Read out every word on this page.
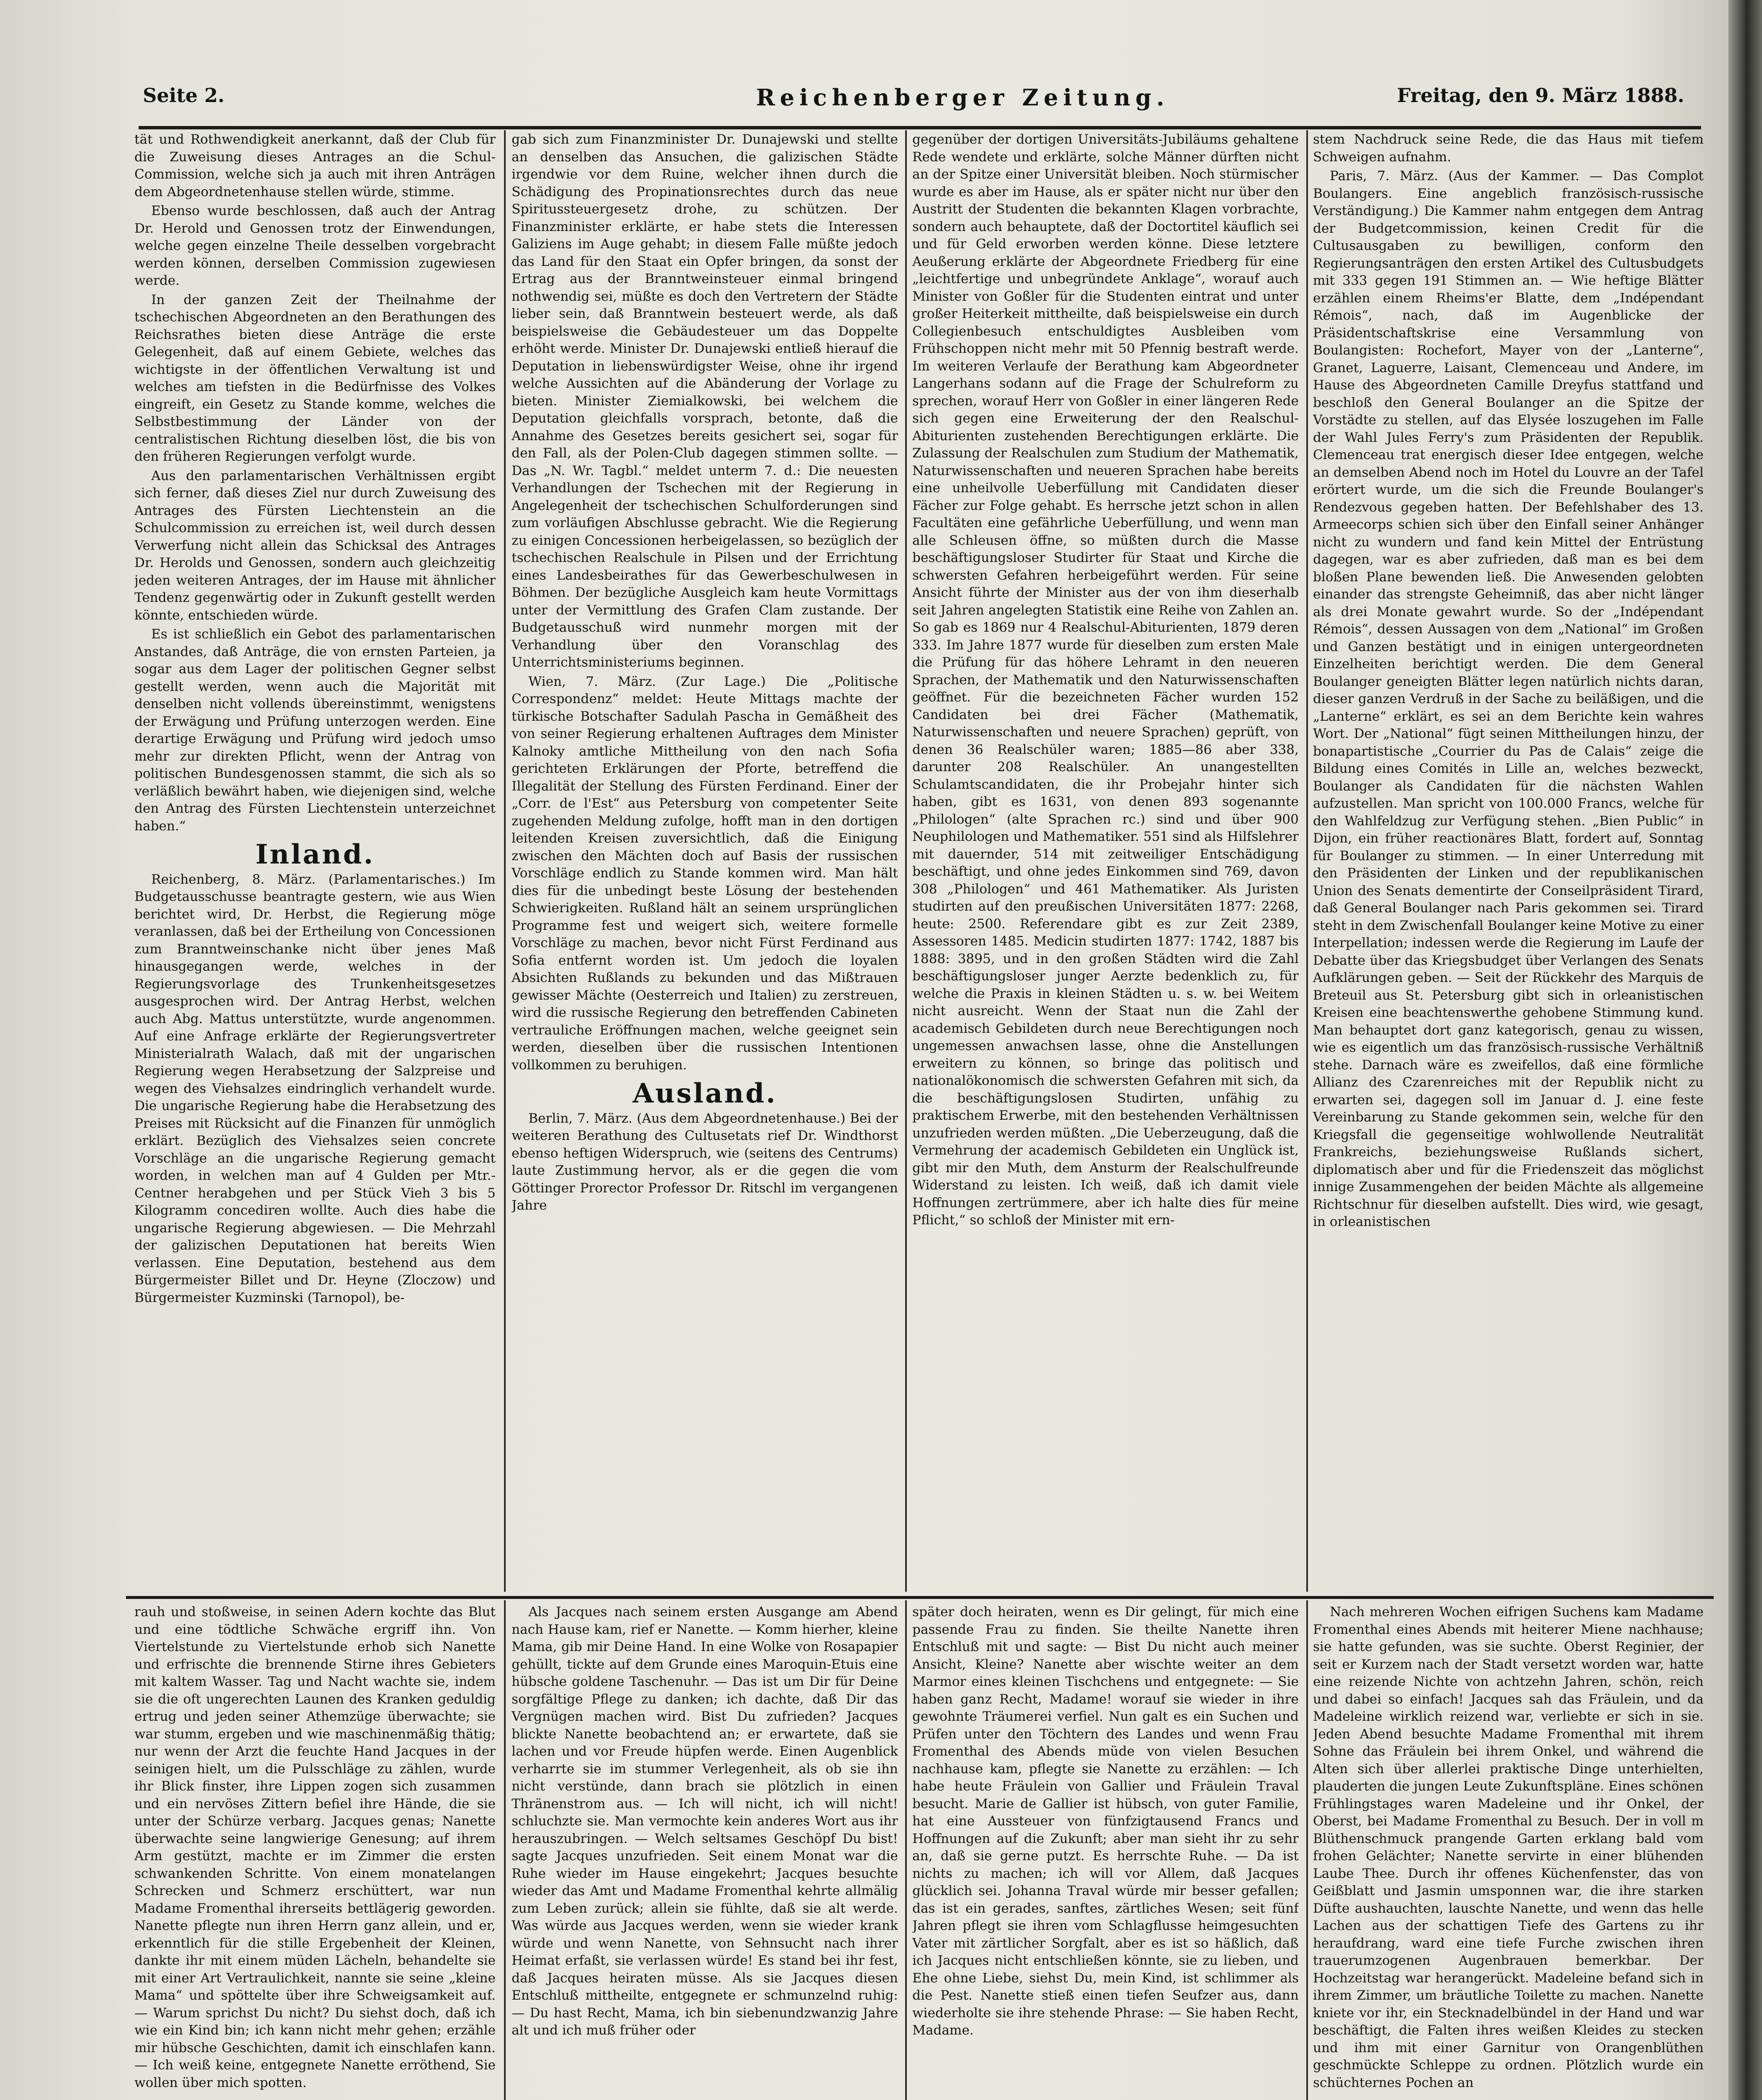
Seite 2.	Reichenberger Zeitung.	Freitag, den 9. März 1888.

tät und Rothwendigkeit anerkannt, daß der Club für die Zuweisung dieses Antrages an die Schul-Commission, welche sich ja auch mit ihren Anträgen dem Abgeordnetenhause stellen würde, stimme.

Ebenso wurde beschlossen, daß auch der Antrag Dr. Herold und Genossen trotz der Einwendungen, welche gegen einzelne Theile desselben vorgebracht werden können, derselben Commission zugewiesen werde.

In der ganzen Zeit der Theilnahme der tschechischen Abgeordneten an den Berathungen des Reichsrathes bieten diese Anträge die erste Gelegenheit, daß auf einem Gebiete, welches das wichtigste in der öffentlichen Verwaltung ist und welches am tiefsten in die Bedürfnisse des Volkes eingreift, ein Gesetz zu Stande komme, welches die Selbstbestimmung der Länder von der centralistischen Richtung dieselben löst, die bis von den früheren Regierungen verfolgt wurde.

Aus den parlamentarischen Verhältnissen ergibt sich ferner, daß dieses Ziel nur durch Zuweisung des Antrages des Fürsten Liechtenstein an die Schulcommission zu erreichen ist, weil durch dessen Verwerfung nicht allein das Schicksal des Antrages Dr. Herolds und Genossen, sondern auch gleichzeitig jeden weiteren Antrages, der im Hause mit ähnlicher Tendenz gegenwärtig oder in Zukunft gestellt werden könnte, entschieden würde.

Es ist schließlich ein Gebot des parlamentarischen Anstandes, daß Anträge, die von ernsten Parteien, ja sogar aus dem Lager der politischen Gegner selbst gestellt werden, wenn auch die Majorität mit denselben nicht vollends übereinstimmt, wenigstens der Erwägung und Prüfung unterzogen werden. Eine derartige Erwägung und Prüfung wird jedoch umso mehr zur direkten Pflicht, wenn der Antrag von politischen Bundesgenossen stammt, die sich als so verläßlich bewährt haben, wie diejenigen sind, welche den Antrag des Fürsten Liechtenstein unterzeichnet haben.“

Inland.

Reichenberg, 8. März. (Parlamentarisches.) Im Budgetausschusse beantragte gestern, wie aus Wien berichtet wird, Dr. Herbst, die Regierung möge veranlassen, daß bei der Ertheilung von Concessionen zum Branntweinschanke nicht über jenes Maß hinausgegangen werde, welches in der Regierungsvorlage des Trunkenheitsgesetzes ausgesprochen wird. Der Antrag Herbst, welchen auch Abg. Mattus unterstützte, wurde angenommen. Auf eine Anfrage erklärte der Regierungsvertreter Ministerialrath Walach, daß mit der ungarischen Regierung wegen Herabsetzung der Salzpreise und wegen des Viehsalzes eindringlich verhandelt wurde. Die ungarische Regierung habe die Herabsetzung des Preises mit Rücksicht auf die Finanzen für unmöglich erklärt. Bezüglich des Viehsalzes seien concrete Vorschläge an die ungarische Regierung gemacht worden, in welchen man auf 4 Gulden per Mtr.-Centner herabgehen und per Stück Vieh 3 bis 5 Kilogramm concediren wollte. Auch dies habe die ungarische Regierung abgewiesen. — Die Mehrzahl der galizischen Deputationen hat bereits Wien verlassen. Eine Deputation, bestehend aus dem Bürgermeister Billet und Dr. Heyne (Zloczow) und Bürgermeister Kuzminski (Tarnopol), be-

gab sich zum Finanzminister Dr. Dunajewski und stellte an denselben das Ansuchen, die galizischen Städte irgendwie vor dem Ruine, welcher ihnen durch die Schädigung des Propinationsrechtes durch das neue Spiritussteuergesetz drohe, zu schützen. Der Finanzminister erklärte, er habe stets die Interessen Galiziens im Auge gehabt; in diesem Falle müßte jedoch das Land für den Staat ein Opfer bringen, da sonst der Ertrag aus der Branntweinsteuer einmal bringend nothwendig sei, müßte es doch den Vertretern der Städte lieber sein, daß Branntwein besteuert werde, als daß beispielsweise die Gebäudesteuer um das Doppelte erhöht werde. Minister Dr. Dunajewski entließ hierauf die Deputation in liebenswürdigster Weise, ohne ihr irgend welche Aussichten auf die Abänderung der Vorlage zu bieten. Minister Ziemialkowski, bei welchem die Deputation gleichfalls vorsprach, betonte, daß die Annahme des Gesetzes bereits gesichert sei, sogar für den Fall, als der Polen-Club dagegen stimmen sollte. — Das „N. Wr. Tagbl.“ meldet unterm 7. d.: Die neuesten Verhandlungen der Tschechen mit der Regierung in Angelegenheit der tschechischen Schulforderungen sind zum vorläufigen Abschlusse gebracht. Wie die Regierung zu einigen Concessionen herbeigelassen, so bezüglich der tschechischen Realschule in Pilsen und der Errichtung eines Landesbeirathes für das Gewerbeschulwesen in Böhmen. Der bezügliche Ausgleich kam heute Vormittags unter der Vermittlung des Grafen Clam zustande. Der Budgetausschuß wird nunmehr morgen mit der Verhandlung über den Voranschlag des Unterrichtsministeriums beginnen.

Wien, 7. März. (Zur Lage.) Die „Politische Correspondenz“ meldet: Heute Mittags machte der türkische Botschafter Sadulah Pascha in Gemäßheit des von seiner Regierung erhaltenen Auftrages dem Minister Kalnoky amtliche Mittheilung von den nach Sofia gerichteten Erklärungen der Pforte, betreffend die Illegalität der Stellung des Fürsten Ferdinand. Einer der „Corr. de l'Est“ aus Petersburg von competenter Seite zugehenden Meldung zufolge, hofft man in den dortigen leitenden Kreisen zuversichtlich, daß die Einigung zwischen den Mächten doch auf Basis der russischen Vorschläge endlich zu Stande kommen wird. Man hält dies für die unbedingt beste Lösung der bestehenden Schwierigkeiten. Rußland hält an seinem ursprünglichen Programme fest und weigert sich, weitere formelle Vorschläge zu machen, bevor nicht Fürst Ferdinand aus Sofia entfernt worden ist. Um jedoch die loyalen Absichten Rußlands zu bekunden und das Mißtrauen gewisser Mächte (Oesterreich und Italien) zu zerstreuen, wird die russische Regierung den betreffenden Cabineten vertrauliche Eröffnungen machen, welche geeignet sein werden, dieselben über die russischen Intentionen vollkommen zu beruhigen.

Ausland.

Berlin, 7. März. (Aus dem Abgeordnetenhause.) Bei der weiteren Berathung des Cultusetats rief Dr. Windthorst ebenso heftigen Widerspruch, wie (seitens des Centrums) laute Zustimmung hervor, als er die gegen die vom Göttinger Prorector Professor Dr. Ritschl im vergangenen Jahre

gegenüber der dortigen Universitäts-Jubiläums gehaltene Rede wendete und erklärte, solche Männer dürften nicht an der Spitze einer Universität bleiben. Noch stürmischer wurde es aber im Hause, als er später nicht nur über den Austritt der Studenten die bekannten Klagen vorbrachte, sondern auch behauptete, daß der Doctortitel käuflich sei und für Geld erworben werden könne. Diese letztere Aeußerung erklärte der Abgeordnete Friedberg für eine „leichtfertige und unbegründete Anklage“, worauf auch Minister von Goßler für die Studenten eintrat und unter großer Heiterkeit mittheilte, daß beispielsweise ein durch Collegienbesuch entschuldigtes Ausbleiben vom Frühschoppen nicht mehr mit 50 Pfennig bestraft werde. Im weiteren Verlaufe der Berathung kam Abgeordneter Langerhans sodann auf die Frage der Schulreform zu sprechen, worauf Herr von Goßler in einer längeren Rede sich gegen eine Erweiterung der den Realschul-Abiturienten zustehenden Berechtigungen erklärte. Die Zulassung der Realschulen zum Studium der Mathematik, Naturwissenschaften und neueren Sprachen habe bereits eine unheilvolle Ueberfüllung mit Candidaten dieser Fächer zur Folge gehabt. Es herrsche jetzt schon in allen Facultäten eine gefährliche Ueberfüllung, und wenn man alle Schleusen öffne, so müßten durch die Masse beschäftigungsloser Studirter für Staat und Kirche die schwersten Gefahren herbeigeführt werden. Für seine Ansicht führte der Minister aus der von ihm dieserhalb seit Jahren angelegten Statistik eine Reihe von Zahlen an. So gab es 1869 nur 4 Realschul-Abiturienten, 1879 deren 333. Im Jahre 1877 wurde für dieselben zum ersten Male die Prüfung für das höhere Lehramt in den neueren Sprachen, der Mathematik und den Naturwissenschaften geöffnet. Für die bezeichneten Fächer wurden 152 Candidaten bei drei Fächer (Mathematik, Naturwissenschaften und neuere Sprachen) geprüft, von denen 36 Realschüler waren; 1885—86 aber 338, darunter 208 Realschüler. An unangestellten Schulamtscandidaten, die ihr Probejahr hinter sich haben, gibt es 1631, von denen 893 sogenannte „Philologen“ (alte Sprachen rc.) sind und über 900 Neuphilologen und Mathematiker. 551 sind als Hilfslehrer mit dauernder, 514 mit zeitweiliger Entschädigung beschäftigt, und ohne jedes Einkommen sind 769, davon 308 „Philologen“ und 461 Mathematiker. Als Juristen studirten auf den preußischen Universitäten 1877: 2268, heute: 2500. Referendare gibt es zur Zeit 2389, Assessoren 1485. Medicin studirten 1877: 1742, 1887 bis 1888: 3895, und in den großen Städten wird die Zahl beschäftigungsloser junger Aerzte bedenklich zu, für welche die Praxis in kleinen Städten u. s. w. bei Weitem nicht ausreicht. Wenn der Staat nun die Zahl der academisch Gebildeten durch neue Berechtigungen noch ungemessen anwachsen lasse, ohne die Anstellungen erweitern zu können, so bringe das politisch und nationalökonomisch die schwersten Gefahren mit sich, da die beschäftigungslosen Studirten, unfähig zu praktischem Erwerbe, mit den bestehenden Verhältnissen unzufrieden werden müßten. „Die Ueberzeugung, daß die Vermehrung der academisch Gebildeten ein Unglück ist, gibt mir den Muth, dem Ansturm der Realschulfreunde Widerstand zu leisten. Ich weiß, daß ich damit viele Hoffnungen zertrümmere, aber ich halte dies für meine Pflicht,“ so schloß der Minister mit ern-

stem Nachdruck seine Rede, die das Haus mit tiefem Schweigen aufnahm.

Paris, 7. März. (Aus der Kammer. — Das Complot Boulangers. Eine angeblich französisch-russische Verständigung.) Die Kammer nahm entgegen dem Antrag der Budgetcommission, keinen Credit für die Cultusausgaben zu bewilligen, conform den Regierungsanträgen den ersten Artikel des Cultusbudgets mit 333 gegen 191 Stimmen an. — Wie heftige Blätter erzählen einem Rheims'er Blatte, dem „Indépendant Rémois“, nach, daß im Augenblicke der Präsidentschaftskrise eine Versammlung von Boulangisten: Rochefort, Mayer von der „Lanterne“, Granet, Laguerre, Laisant, Clemenceau und Andere, im Hause des Abgeordneten Camille Dreyfus stattfand und beschloß den General Boulanger an die Spitze der Vorstädte zu stellen, auf das Elysée loszugehen im Falle der Wahl Jules Ferry's zum Präsidenten der Republik. Clemenceau trat energisch dieser Idee entgegen, welche an demselben Abend noch im Hotel du Louvre an der Tafel erörtert wurde, um die sich die Freunde Boulanger's Rendezvous gegeben hatten. Der Befehlshaber des 13. Armeecorps schien sich über den Einfall seiner Anhänger nicht zu wundern und fand kein Mittel der Entrüstung dagegen, war es aber zufrieden, daß man es bei dem bloßen Plane bewenden ließ. Die Anwesenden gelobten einander das strengste Geheimniß, das aber nicht länger als drei Monate gewahrt wurde. So der „Indépendant Rémois“, dessen Aussagen von dem „National“ im Großen und Ganzen bestätigt und in einigen untergeordneten Einzelheiten berichtigt werden. Die dem General Boulanger geneigten Blätter legen natürlich nichts daran, dieser ganzen Verdruß in der Sache zu beiläßigen, und die „Lanterne“ erklärt, es sei an dem Berichte kein wahres Wort. Der „National“ fügt seinen Mittheilungen hinzu, der bonapartistische „Courrier du Pas de Calais“ zeige die Bildung eines Comités in Lille an, welches bezweckt, Boulanger als Candidaten für die nächsten Wahlen aufzustellen. Man spricht von 100.000 Francs, welche für den Wahlfeldzug zur Verfügung stehen. „Bien Public“ in Dijon, ein früher reactionäres Blatt, fordert auf, Sonntag für Boulanger zu stimmen. — In einer Unterredung mit den Präsidenten der Linken und der republikanischen Union des Senats dementirte der Conseilpräsident Tirard, daß General Boulanger nach Paris gekommen sei. Tirard steht in dem Zwischenfall Boulanger keine Motive zu einer Interpellation; indessen werde die Regierung im Laufe der Debatte über das Kriegsbudget über Verlangen des Senats Aufklärungen geben. — Seit der Rückkehr des Marquis de Breteuil aus St. Petersburg gibt sich in orleanistischen Kreisen eine beachtenswerthe gehobene Stimmung kund. Man behauptet dort ganz kategorisch, genau zu wissen, wie es eigentlich um das französisch-russische Verhältniß stehe. Darnach wäre es zweifellos, daß eine förmliche Allianz des Czarenreiches mit der Republik nicht zu erwarten sei, dagegen soll im Januar d. J. eine feste Vereinbarung zu Stande gekommen sein, welche für den Kriegsfall die gegenseitige wohlwollende Neutralität Frankreichs, beziehungsweise Rußlands sichert, diplomatisch aber und für die Friedenszeit das möglichst innige Zusammengehen der beiden Mächte als allgemeine Richtschnur für dieselben aufstellt. Dies wird, wie gesagt, in orleanistischen

rauh und stoßweise, in seinen Adern kochte das Blut und eine tödtliche Schwäche ergriff ihn. Von Viertelstunde zu Viertelstunde erhob sich Nanette und erfrischte die brennende Stirne ihres Gebieters mit kaltem Wasser. Tag und Nacht wachte sie, indem sie die oft ungerechten Launen des Kranken geduldig ertrug und jeden seiner Athemzüge überwachte; sie war stumm, ergeben und wie maschinenmäßig thätig; nur wenn der Arzt die feuchte Hand Jacques in der seinigen hielt, um die Pulsschläge zu zählen, wurde ihr Blick finster, ihre Lippen zogen sich zusammen und ein nervöses Zittern befiel ihre Hände, die sie unter der Schürze verbarg. Jacques genas; Nanette überwachte seine langwierige Genesung; auf ihrem Arm gestützt, machte er im Zimmer die ersten schwankenden Schritte. Von einem monatelangen Schrecken und Schmerz erschüttert, war nun Madame Fromenthal ihrerseits bettlägerig geworden. Nanette pflegte nun ihren Herrn ganz allein, und er, erkenntlich für die stille Ergebenheit der Kleinen, dankte ihr mit einem müden Lächeln, behandelte sie mit einer Art Vertraulichkeit, nannte sie seine „kleine Mama“ und spöttelte über ihre Schweigsamkeit auf. — Warum sprichst Du nicht? Du siehst doch, daß ich wie ein Kind bin; ich kann nicht mehr gehen; erzähle mir hübsche Geschichten, damit ich einschlafen kann. — Ich weiß keine, entgegnete Nanette erröthend, Sie wollen über mich spotten.

Als Jacques nach seinem ersten Ausgange am Abend nach Hause kam, rief er Nanette. — Komm hierher, kleine Mama, gib mir Deine Hand. In eine Wolke von Rosapapier gehüllt, tickte auf dem Grunde eines Maroquin-Etuis eine hübsche goldene Taschenuhr. — Das ist um Dir für Deine sorgfältige Pflege zu danken; ich dachte, daß Dir das Vergnügen machen wird. Bist Du zufrieden? Jacques blickte Nanette beobachtend an; er erwartete, daß sie lachen und vor Freude hüpfen werde. Einen Augenblick verharrte sie im stummer Verlegenheit, als ob sie ihn nicht verstünde, dann brach sie plötzlich in einen Thränenstrom aus. — Ich will nicht, ich will nicht! schluchzte sie. Man vermochte kein anderes Wort aus ihr herauszubringen. — Welch seltsames Geschöpf Du bist! sagte Jacques unzufrieden. Seit einem Monat war die Ruhe wieder im Hause eingekehrt; Jacques besuchte wieder das Amt und Madame Fromenthal kehrte allmälig zum Leben zurück; allein sie fühlte, daß sie alt werde. Was würde aus Jacques werden, wenn sie wieder krank würde und wenn Nanette, von Sehnsucht nach ihrer Heimat erfaßt, sie verlassen würde! Es stand bei ihr fest, daß Jacques heiraten müsse. Als sie Jacques diesen Entschluß mittheilte, entgegnete er schmunzelnd ruhig: — Du hast Recht, Mama, ich bin siebenundzwanzig Jahre alt und ich muß früher oder

später doch heiraten, wenn es Dir gelingt, für mich eine passende Frau zu finden. Sie theilte Nanette ihren Entschluß mit und sagte: — Bist Du nicht auch meiner Ansicht, Kleine? Nanette aber wischte weiter an dem Marmor eines kleinen Tischchens und entgegnete: — Sie haben ganz Recht, Madame! worauf sie wieder in ihre gewohnte Träumerei verfiel. Nun galt es ein Suchen und Prüfen unter den Töchtern des Landes und wenn Frau Fromenthal des Abends müde von vielen Besuchen nachhause kam, pflegte sie Nanette zu erzählen: — Ich habe heute Fräulein von Gallier und Fräulein Traval besucht. Marie de Gallier ist hübsch, von guter Familie, hat eine Aussteuer von fünfzigtausend Francs und Hoffnungen auf die Zukunft; aber man sieht ihr zu sehr an, daß sie gerne putzt. Es herrschte Ruhe. — Da ist nichts zu machen; ich will vor Allem, daß Jacques glücklich sei. Johanna Traval würde mir besser gefallen; das ist ein gerades, sanftes, zärtliches Wesen; seit fünf Jahren pflegt sie ihren vom Schlagflusse heimgesuchten Vater mit zärtlicher Sorgfalt, aber es ist so häßlich, daß ich Jacques nicht entschließen könnte, sie zu lieben, und Ehe ohne Liebe, siehst Du, mein Kind, ist schlimmer als die Pest. Nanette stieß einen tiefen Seufzer aus, dann wiederholte sie ihre stehende Phrase: — Sie haben Recht, Madame.

Nach mehreren Wochen eifrigen Suchens kam Madame Fromenthal eines Abends mit heiterer Miene nachhause; sie hatte gefunden, was sie suchte. Oberst Reginier, der seit er Kurzem nach der Stadt versetzt worden war, hatte eine reizende Nichte von achtzehn Jahren, schön, reich und dabei so einfach! Jacques sah das Fräulein, und da Madeleine wirklich reizend war, verliebte er sich in sie. Jeden Abend besuchte Madame Fromenthal mit ihrem Sohne das Fräulein bei ihrem Onkel, und während die Alten sich über allerlei praktische Dinge unterhielten, plauderten die jungen Leute Zukunftspläne. Eines schönen Frühlingstages waren Madeleine und ihr Onkel, der Oberst, bei Madame Fromenthal zu Besuch. Der in voll m Blüthenschmuck prangende Garten erklang bald vom frohen Gelächter; Nanette servirte in einer blühenden Laube Thee. Durch ihr offenes Küchenfenster, das von Geißblatt und Jasmin umsponnen war, die ihre starken Düfte aushauchten, lauschte Nanette, und wenn das helle Lachen aus der schattigen Tiefe des Gartens zu ihr heraufdrang, ward eine tiefe Furche zwischen ihren trauerumzogenen Augenbrauen bemerkbar. Der Hochzeitstag war herangerückt. Madeleine befand sich in ihrem Zimmer, um bräutliche Toilette zu machen. Nanette kniete vor ihr, ein Stecknadelbündel in der Hand und war beschäftigt, die Falten ihres weißen Kleides zu stecken und ihm mit einer Garnitur von Orangenblüthen geschmückte Schleppe zu ordnen. Plötzlich wurde ein schüchternes Pochen an
